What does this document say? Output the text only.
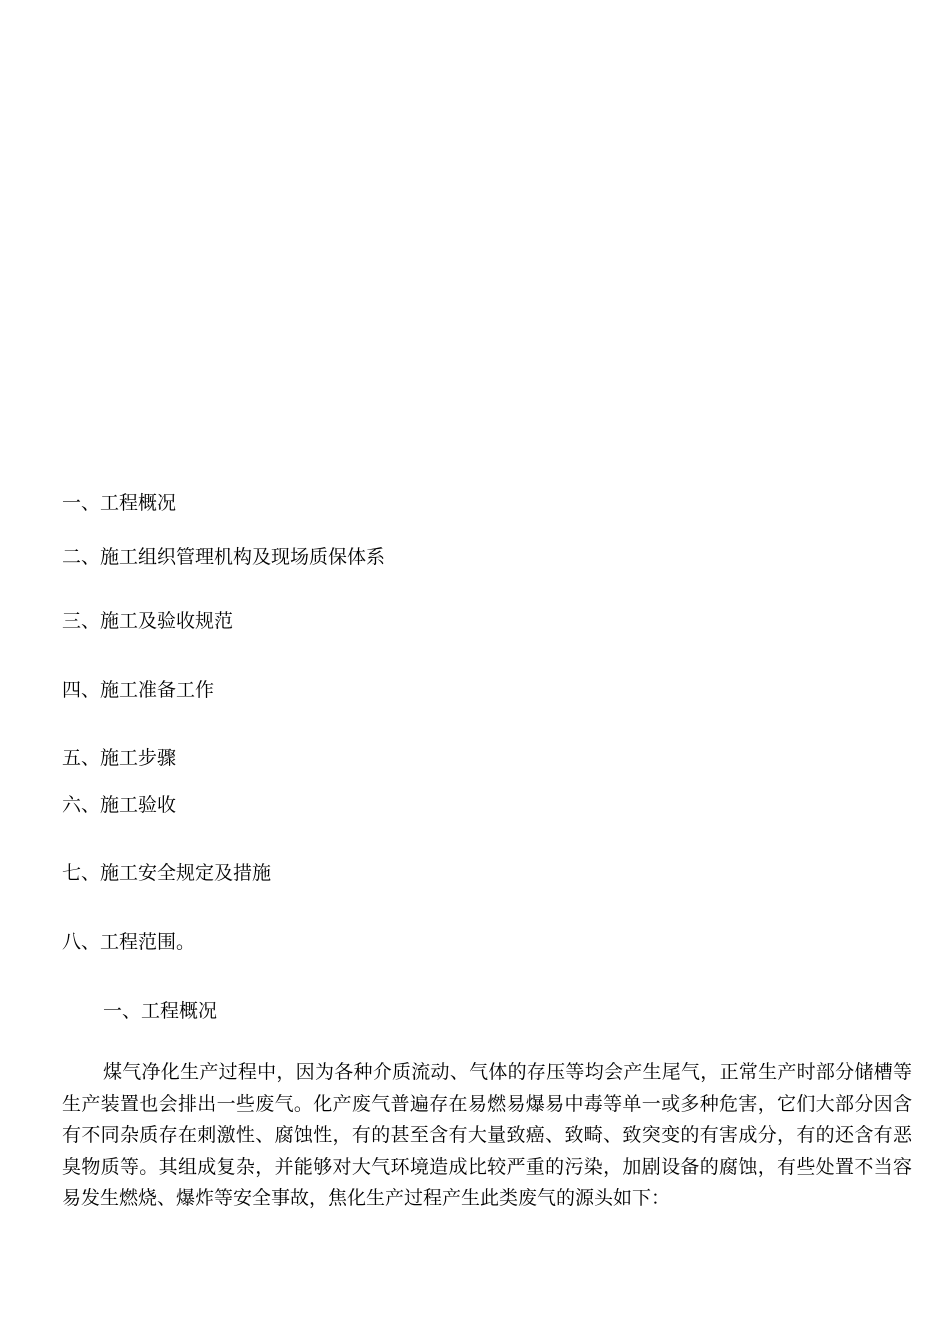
一、工程概况
二、施工组织管理机构及现场质保体系
三、施工及验收规范
四、施工准备工作
五、施工步骤
六、施工验收
七、施工安全规定及措施
八、工程范围。
一、工程概况

煤气净化生产过程中，因为各种介质流动、气体的存压等均会产生尾气，正常生产时部分储槽等生产装置也会排出一些废气。化产废气普遍存在易燃易爆易中毒等单一或多种危害，它们大部分因含有不同杂质存在刺激性、腐蚀性，有的甚至含有大量致癌、致畸、致突变的有害成分，有的还含有恶臭物质等。其组成复杂，并能够对大气环境造成比较严重的污染，加剧设备的腐蚀，有些处置不当容易发生燃烧、爆炸等安全事故，焦化生产过程产生此类废气的源头如下：
